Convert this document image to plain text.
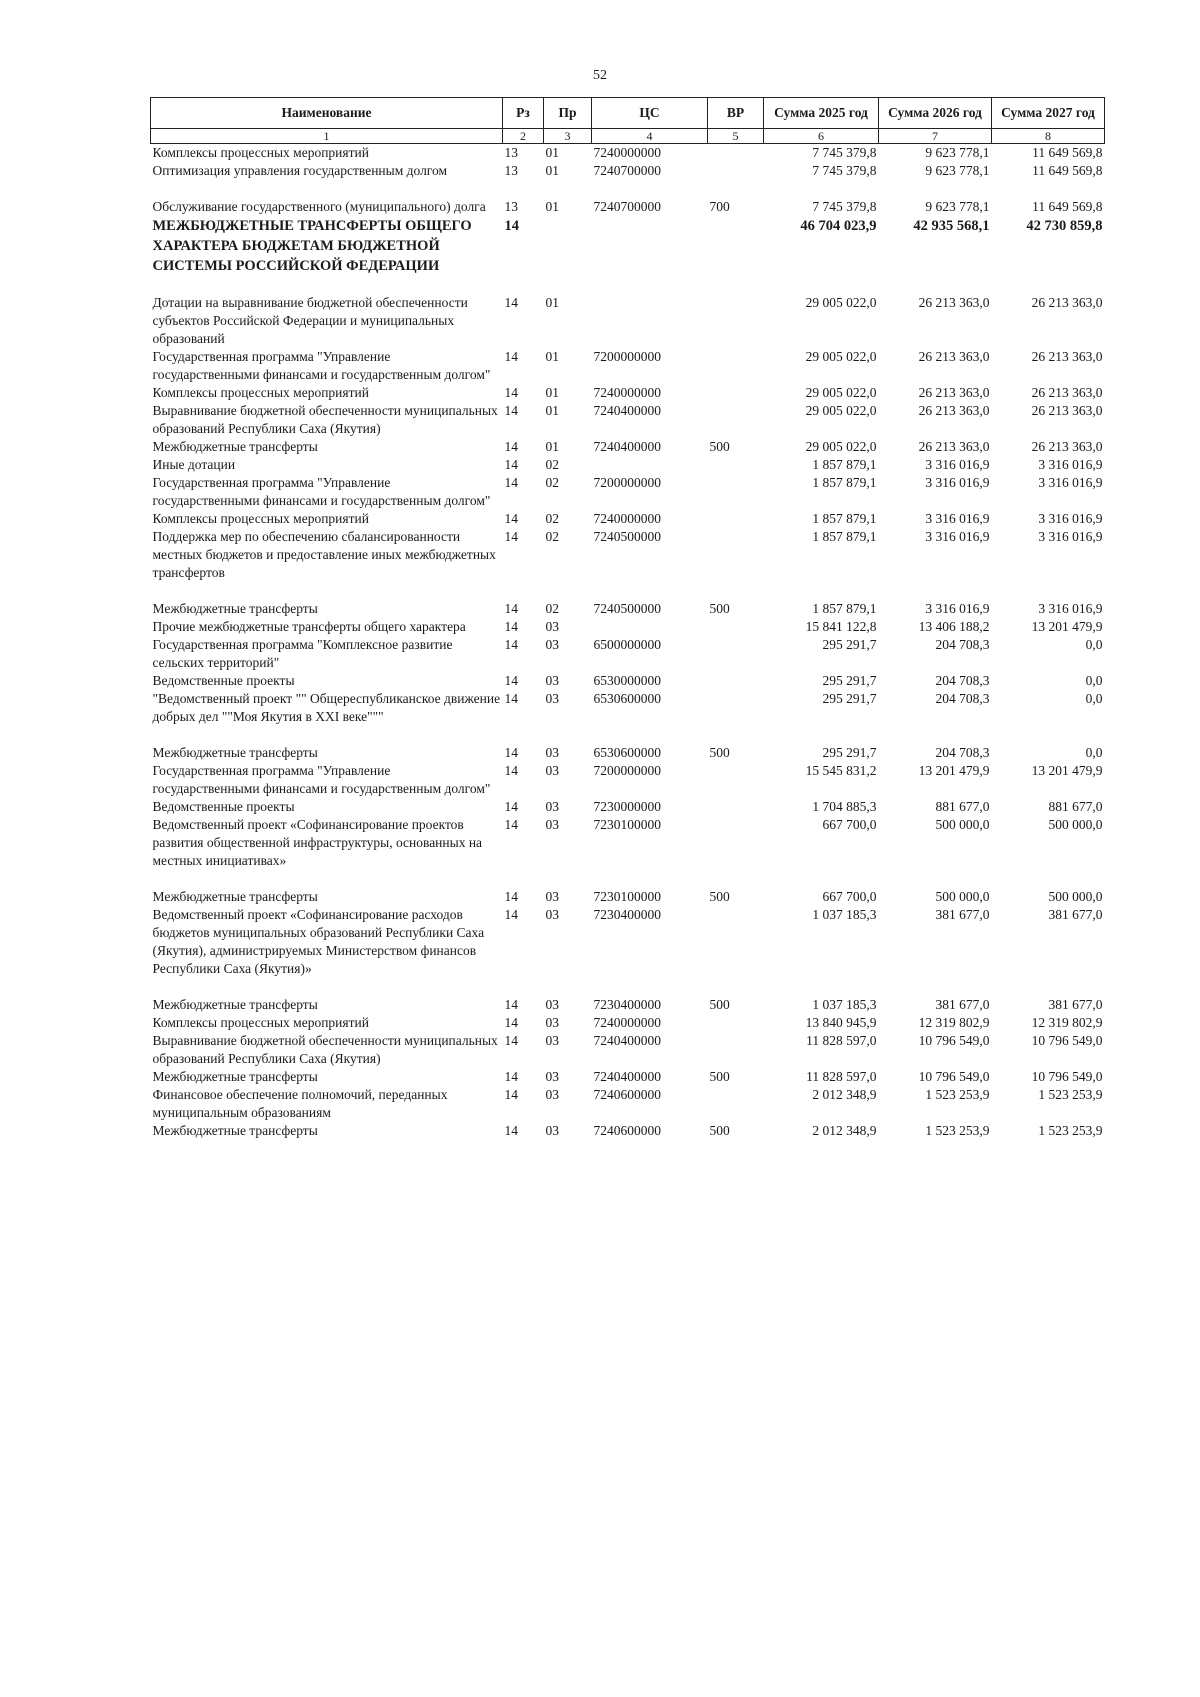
52
Наименование	Рз	Пр	ЦС	ВР	Сумма 2025 год	Сумма 2026 год	Сумма 2027 год
1	2	3	4	5	6	7	8
Комплексы процессных мероприятий	13	01	7240000000		7 745 379,8	9 623 778,1	11 649 569,8
Оптимизация управления государственным долгом	13	01	7240700000		7 745 379,8	9 623 778,1	11 649 569,8

Обслуживание государственного (муниципального) долга	13	01	7240700000	700	7 745 379,8	9 623 778,1	11 649 569,8
МЕЖБЮДЖЕТНЫЕ ТРАНСФЕРТЫ ОБЩЕГО ХАРАКТЕРА БЮДЖЕТАМ БЮДЖЕТНОЙ СИСТЕМЫ РОССИЙСКОЙ ФЕДЕРАЦИИ	14				46 704 023,9	42 935 568,1	42 730 859,8

Дотации на выравнивание бюджетной обеспеченности субъектов Российской Федерации и муниципальных образований	14	01			29 005 022,0	26 213 363,0	26 213 363,0
Государственная программа "Управление государственными финансами и государственным долгом"	14	01	7200000000		29 005 022,0	26 213 363,0	26 213 363,0
Комплексы процессных мероприятий	14	01	7240000000		29 005 022,0	26 213 363,0	26 213 363,0
Выравнивание бюджетной обеспеченности муниципальных образований Республики Саха (Якутия)	14	01	7240400000		29 005 022,0	26 213 363,0	26 213 363,0
Межбюджетные трансферты	14	01	7240400000	500	29 005 022,0	26 213 363,0	26 213 363,0
Иные дотации	14	02			1 857 879,1	3 316 016,9	3 316 016,9
Государственная программа "Управление государственными финансами и государственным долгом"	14	02	7200000000		1 857 879,1	3 316 016,9	3 316 016,9
Комплексы процессных мероприятий	14	02	7240000000		1 857 879,1	3 316 016,9	3 316 016,9
Поддержка мер по обеспечению сбалансированности местных бюджетов и предоставление иных межбюджетных трансфертов	14	02	7240500000		1 857 879,1	3 316 016,9	3 316 016,9

Межбюджетные трансферты	14	02	7240500000	500	1 857 879,1	3 316 016,9	3 316 016,9
Прочие межбюджетные трансферты общего характера	14	03			15 841 122,8	13 406 188,2	13 201 479,9
Государственная программа "Комплексное развитие сельских территорий"	14	03	6500000000		295 291,7	204 708,3	0,0
Ведомственные проекты	14	03	6530000000		295 291,7	204 708,3	0,0
"Ведомственный проект "" Общереспубликанское движение добрых дел ""Моя Якутия в XXI веке"""	14	03	6530600000		295 291,7	204 708,3	0,0

Межбюджетные трансферты	14	03	6530600000	500	295 291,7	204 708,3	0,0
Государственная программа "Управление государственными финансами и государственным долгом"	14	03	7200000000		15 545 831,2	13 201 479,9	13 201 479,9
Ведомственные проекты	14	03	7230000000		1 704 885,3	881 677,0	881 677,0
Ведомственный проект «Софинансирование проектов развития общественной инфраструктуры, основанных на местных инициативах»	14	03	7230100000		667 700,0	500 000,0	500 000,0

Межбюджетные трансферты	14	03	7230100000	500	667 700,0	500 000,0	500 000,0
Ведомственный проект «Софинансирование расходов бюджетов муниципальных образований Республики Саха (Якутия), администрируемых Министерством финансов Республики Саха (Якутия)»	14	03	7230400000		1 037 185,3	381 677,0	381 677,0

Межбюджетные трансферты	14	03	7230400000	500	1 037 185,3	381 677,0	381 677,0
Комплексы процессных мероприятий	14	03	7240000000		13 840 945,9	12 319 802,9	12 319 802,9
Выравнивание бюджетной обеспеченности муниципальных образований Республики Саха (Якутия)	14	03	7240400000		11 828 597,0	10 796 549,0	10 796 549,0
Межбюджетные трансферты	14	03	7240400000	500	11 828 597,0	10 796 549,0	10 796 549,0
Финансовое обеспечение полномочий, переданных муниципальным образованиям	14	03	7240600000		2 012 348,9	1 523 253,9	1 523 253,9
Межбюджетные трансферты	14	03	7240600000	500	2 012 348,9	1 523 253,9	1 523 253,9
